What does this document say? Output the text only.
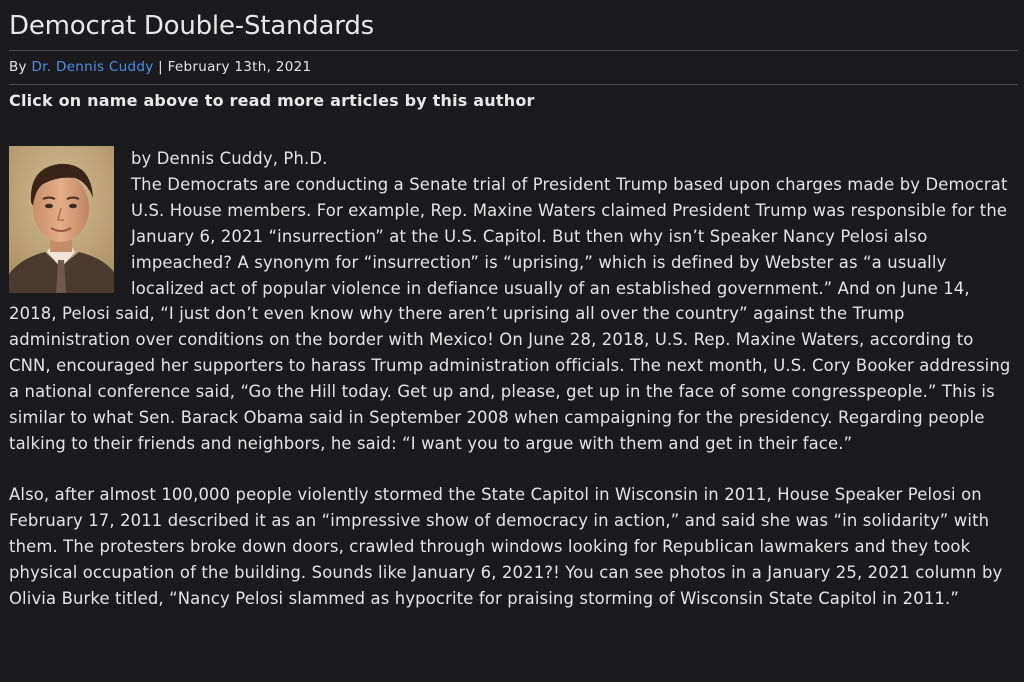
Democrat Double-Standards
By Dr. Dennis Cuddy | February 13th, 2021
Click on name above to read more articles by this author

by Dennis Cuddy, Ph.D.

The Democrats are conducting a Senate trial of President Trump based upon charges made by Democrat U.S. House members. For example, Rep. Maxine Waters claimed President Trump was responsible for the January 6, 2021 “insurrection” at the U.S. Capitol. But then why isn’t Speaker Nancy Pelosi also impeached? A synonym for “insurrection” is “uprising,” which is defined by Webster as “a usually localized act of popular violence in defiance usually of an established government.” And on June 14, 2018, Pelosi said, “I just don’t even know why there aren’t uprising all over the country” against the Trump administration over conditions on the border with Mexico! On June 28, 2018, U.S. Rep. Maxine Waters, according to CNN, encouraged her supporters to harass Trump administration officials. The next month, U.S. Cory Booker addressing a national conference said, “Go the Hill today. Get up and, please, get up in the face of some congresspeople.” This is similar to what Sen. Barack Obama said in September 2008 when campaigning for the presidency. Regarding people talking to their friends and neighbors, he said: “I want you to argue with them and get in their face.”

Also, after almost 100,000 people violently stormed the State Capitol in Wisconsin in 2011, House Speaker Pelosi on February 17, 2011 described it as an “impressive show of democracy in action,” and said she was “in solidarity” with them. The protesters broke down doors, crawled through windows looking for Republican lawmakers and they took physical occupation of the building. Sounds like January 6, 2021?! You can see photos in a January 25, 2021 column by Olivia Burke titled, “Nancy Pelosi slammed as hypocrite for praising storming of Wisconsin State Capitol in 2011.”
